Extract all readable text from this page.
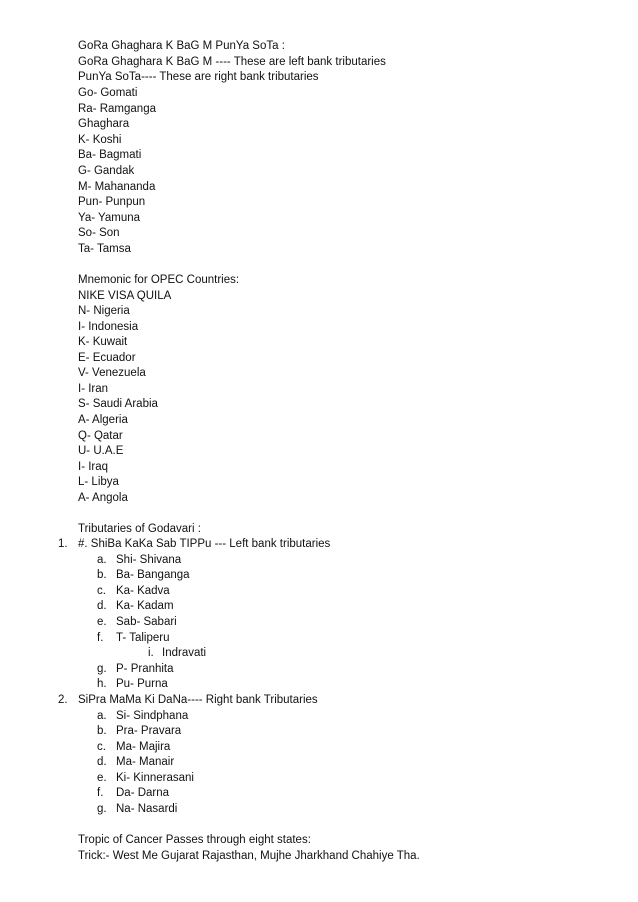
GoRa Ghaghara K BaG M PunYa SoTa :
GoRa Ghaghara K BaG M ---- These are left bank tributaries
PunYa SoTa---- These are right bank tributaries
Go- Gomati
Ra- Ramganga
Ghaghara
K- Koshi
Ba- Bagmati
G- Gandak
M- Mahananda
Pun- Punpun
Ya- Yamuna
So- Son
Ta- Tamsa
Mnemonic for OPEC Countries:
NIKE VISA QUILA
N- Nigeria
I- Indonesia
K- Kuwait
E- Ecuador
V- Venezuela
I- Iran
S- Saudi Arabia
A- Algeria
Q- Qatar
U- U.A.E
I- Iraq
L- Libya
A- Angola
Tributaries of Godavari :
1. #. ShiBa KaKa Sab TIPPu --- Left bank tributaries
a. Shi- Shivana
b. Ba- Banganga
c. Ka- Kadva
d. Ka- Kadam
e. Sab- Sabari
f. T- Taliperu
i. Indravati
g. P- Pranhita
h. Pu- Purna
2. SiPra MaMa Ki DaNa---- Right bank Tributaries
a. Si- Sindphana
b. Pra- Pravara
c. Ma- Majira
d. Ma- Manair
e. Ki- Kinnerasani
f. Da- Darna
g. Na- Nasardi
Tropic of Cancer Passes through eight states:
Trick:- West Me Gujarat Rajasthan, Mujhe Jharkhand Chahiye Tha.
